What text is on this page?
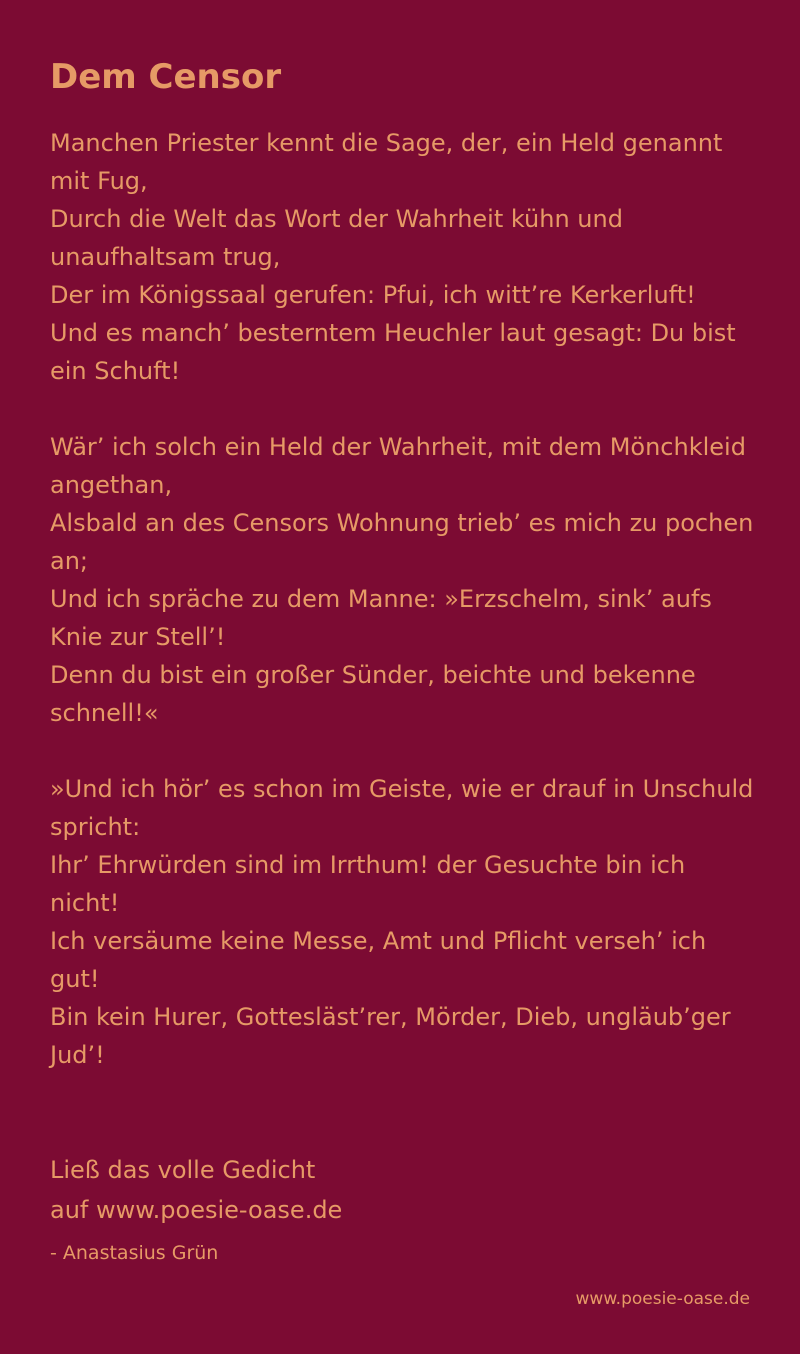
Dem Censor

Manchen Priester kennt die Sage, der, ein Held genannt mit Fug,

Durch die Welt das Wort der Wahrheit kühn und unaufhaltsam trug,

Der im Königssaal gerufen: Pfui, ich witt’re Kerkerluft!

Und es manch’ besterntem Heuchler laut gesagt: Du bist ein Schuft!

Wär’ ich solch ein Held der Wahrheit, mit dem Mönchkleid angethan,

Alsbald an des Censors Wohnung trieb’ es mich zu pochen an;

Und ich spräche zu dem Manne: »Erzschelm, sink’ aufs Knie zur Stell’!

Denn du bist ein großer Sünder, beichte und bekenne schnell!«

»Und ich hör’ es schon im Geiste, wie er drauf in Unschuld spricht:

Ihr’ Ehrwürden sind im Irrthum! der Gesuchte bin ich nicht!

Ich versäume keine Messe, Amt und Pflicht verseh’ ich gut!

Bin kein Hurer, Gotteslästʼrer, Mörder, Dieb, ungläubʼger Jud’!

Ließ das volle Gedicht

auf www.poesie-oase.de

- Anastasius Grün
www.poesie-oase.de
